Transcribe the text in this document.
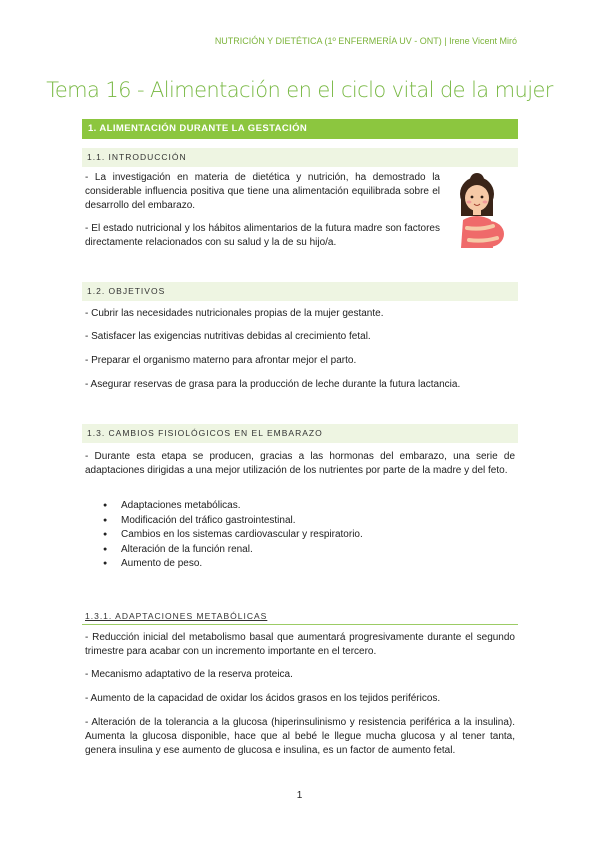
NUTRICIÓN Y DIETÉTICA (1º ENFERMERÍA UV - ONT) | Irene Vicent Miró
Tema 16 - Alimentación en el ciclo vital de la mujer
1. ALIMENTACIÓN DURANTE LA GESTACIÓN
1.1. INTRODUCCIÓN

- La investigación en materia de dietética y nutrición, ha demostrado la considerable influencia positiva que tiene una alimentación equilibrada sobre el desarrollo del embarazo.

- El estado nutricional y los hábitos alimentarios de la futura madre son factores directamente relacionados con su salud y la de su hijo/a.

1.2. OBJETIVOS

- Cubrir las necesidades nutricionales propias de la mujer gestante.

- Satisfacer las exigencias nutritivas debidas al crecimiento fetal.

- Preparar el organismo materno para afrontar mejor el parto.

- Asegurar reservas de grasa para la producción de leche durante la futura lactancia.

1.3. CAMBIOS FISIOLÓGICOS EN EL EMBARAZO

- Durante esta etapa se producen, gracias a las hormonas del embarazo, una serie de adaptaciones dirigidas a una mejor utilización de los nutrientes por parte de la madre y del feto.

● Adaptaciones metabólicas.
● Modificación del tráfico gastrointestinal.
● Cambios en los sistemas cardiovascular y respiratorio.
● Alteración de la función renal.
● Aumento de peso.
1.3.1. ADAPTACIONES METABÓLICAS

- Reducción inicial del metabolismo basal que aumentará progresivamente durante el segundo trimestre para acabar con un incremento importante en el tercero.

- Mecanismo adaptativo de la reserva proteica.

- Aumento de la capacidad de oxidar los ácidos grasos en los tejidos periféricos.

- Alteración de la tolerancia a la glucosa (hiperinsulinismo y resistencia periférica a la insulina). Aumenta la glucosa disponible, hace que al bebé le llegue mucha glucosa y al tener tanta, genera insulina y ese aumento de glucosa e insulina, es un factor de aumento fetal.

1
